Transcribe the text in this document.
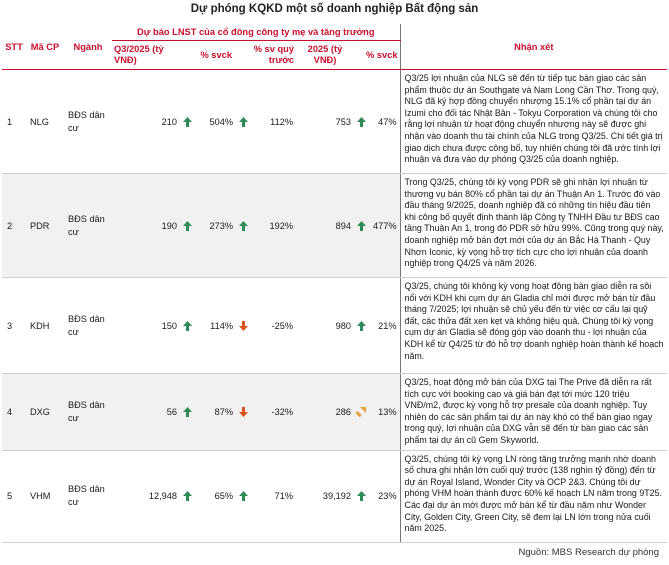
Dự phóng KQKD một số doanh nghiệp Bất động sản
STT	Mã CP	Ngành	Dự báo LNST của cổ đông công ty mẹ và tăng trưởng								Nhận xét
			Q3/2025 (tỷ VNĐ)	% svck		% sv quý trước		2025 (tỷ VNĐ)	% svck		
1	NLG	BĐS dân cư	210		504%		112%	753		47%	Q3/25 lợi nhuận của NLG sẽ đến từ tiếp tục bàn giao các sản phẩm thuộc dự án Southgate và Nam Long Cần Thơ. Trong quý, NLG đã ký hợp đồng chuyển nhượng 15.1% cổ phần tại dự án Izumi cho đối tác Nhật Bản - Tokyu Corporation và chúng tôi cho rằng lợi nhuận từ hoạt động chuyển nhượng này sẽ được ghi nhận vào doanh thu tài chính của NLG trong Q3/25. Chi tiết giá trị giao dịch chưa được công bố, tuy nhiên chúng tôi đã ước tính lợi nhuận và đưa vào dự phóng Q3/25 của doanh nghiệp.
2	PDR	BĐS dân cư	190		273%		192%	894		477%	Trong Q3/25, chúng tôi kỳ vọng PDR sẽ ghi nhận lợi nhuận từ thương vụ bán 80% cổ phần tại dự án Thuận An 1. Trước đó vào đầu tháng 9/2025, doanh nghiệp đã có những tín hiệu đầu tiên khi công bố quyết định thành lập Công ty TNHH Đầu tư BĐS cao tầng Thuận An 1, trong đó PDR sở hữu 99%. Cũng trong quý này, doanh nghiệp mở bán đợt mới của dự án Bắc Hà Thanh - Quy Nhơn Iconic, kỳ vọng hỗ trợ tích cực cho lợi nhuận của doanh nghiệp trong Q4/25 và năm 2026.
3	KDH	BĐS dân cư	150		114%		-25%	980		21%	Q3/25, chúng tôi không kỳ vọng hoạt động bàn giao diễn ra sôi nổi với KDH khi cụm dự án Gladia chỉ mới được mở bán từ đầu tháng 7/2025; lợi nhuận sẽ chủ yếu đến từ việc cơ cấu lại quỹ đất, các thửa đất xen kẹt và không hiệu quả. Chúng tôi kỳ vọng cụm dự án Gladia sẽ đóng góp vào doanh thu - lợi nhuận của KDH kể từ Q4/25 từ đó hỗ trợ doanh nghiệp hoàn thành kế hoạch năm.
4	DXG	BĐS dân cư	56		87%		-32%	286		13%	Q3/25, hoạt động mở bán của DXG tại The Prive đã diễn ra rất tích cực với booking cao và giá bán đạt tới mức 120 triệu VNĐ/m2, được kỳ vọng hỗ trợ presale của doanh nghiệp. Tuy nhiên do các sản phẩm tại dự án này khó có thể bàn giao ngay trong quý, lợi nhuận của DXG vẫn sẽ đến từ bàn giao các sản phẩm tại dự án cũ Gem Skyworld.
5	VHM	BĐS dân cư	12,948		65%		71%	39,192		23%	Q3/25, chúng tôi kỳ vọng LN ròng tăng trưởng mạnh nhờ doanh số chưa ghi nhận lớn cuối quý trước (138 nghìn tỷ đồng) đến từ dự án Royal Island, Wonder City và OCP 2&3. Chúng tôi dự phóng VHM hoàn thành được 60% kế hoạch LN năm trong 9T25. Các đại dự án mới được mở bán kể từ đầu năm như Wonder City, Golden City, Green City, sẽ đem lại LN lớn trong nửa cuối năm 2025.
Nguồn: MBS Research dự phóng
